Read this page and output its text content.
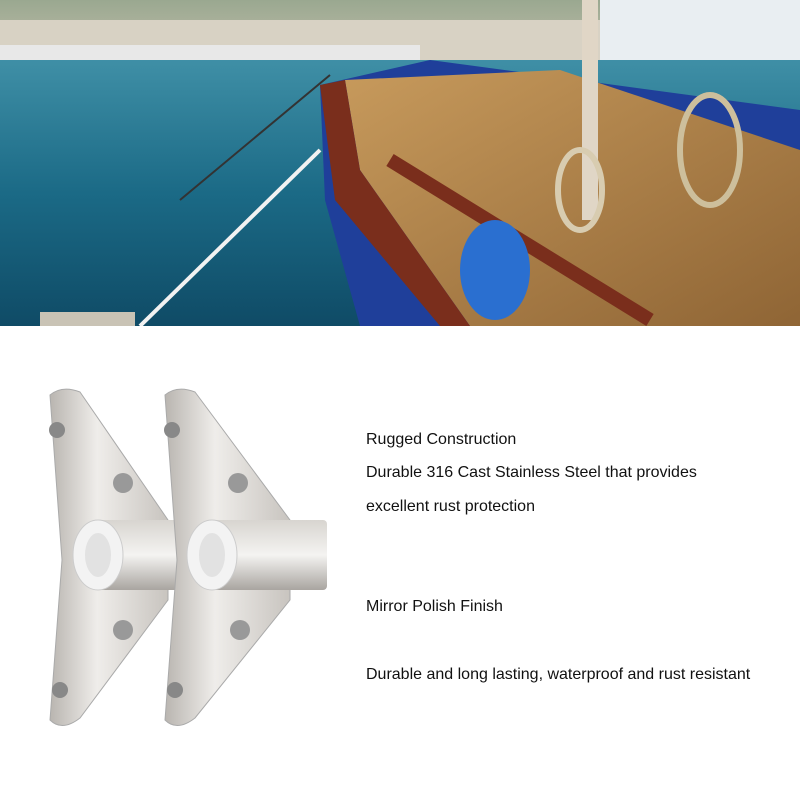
Rugged Construction
Durable 316 Cast Stainless Steel that provides
excellent rust protection
Mirror Polish Finish
Durable and long lasting, waterproof and rust resistant
